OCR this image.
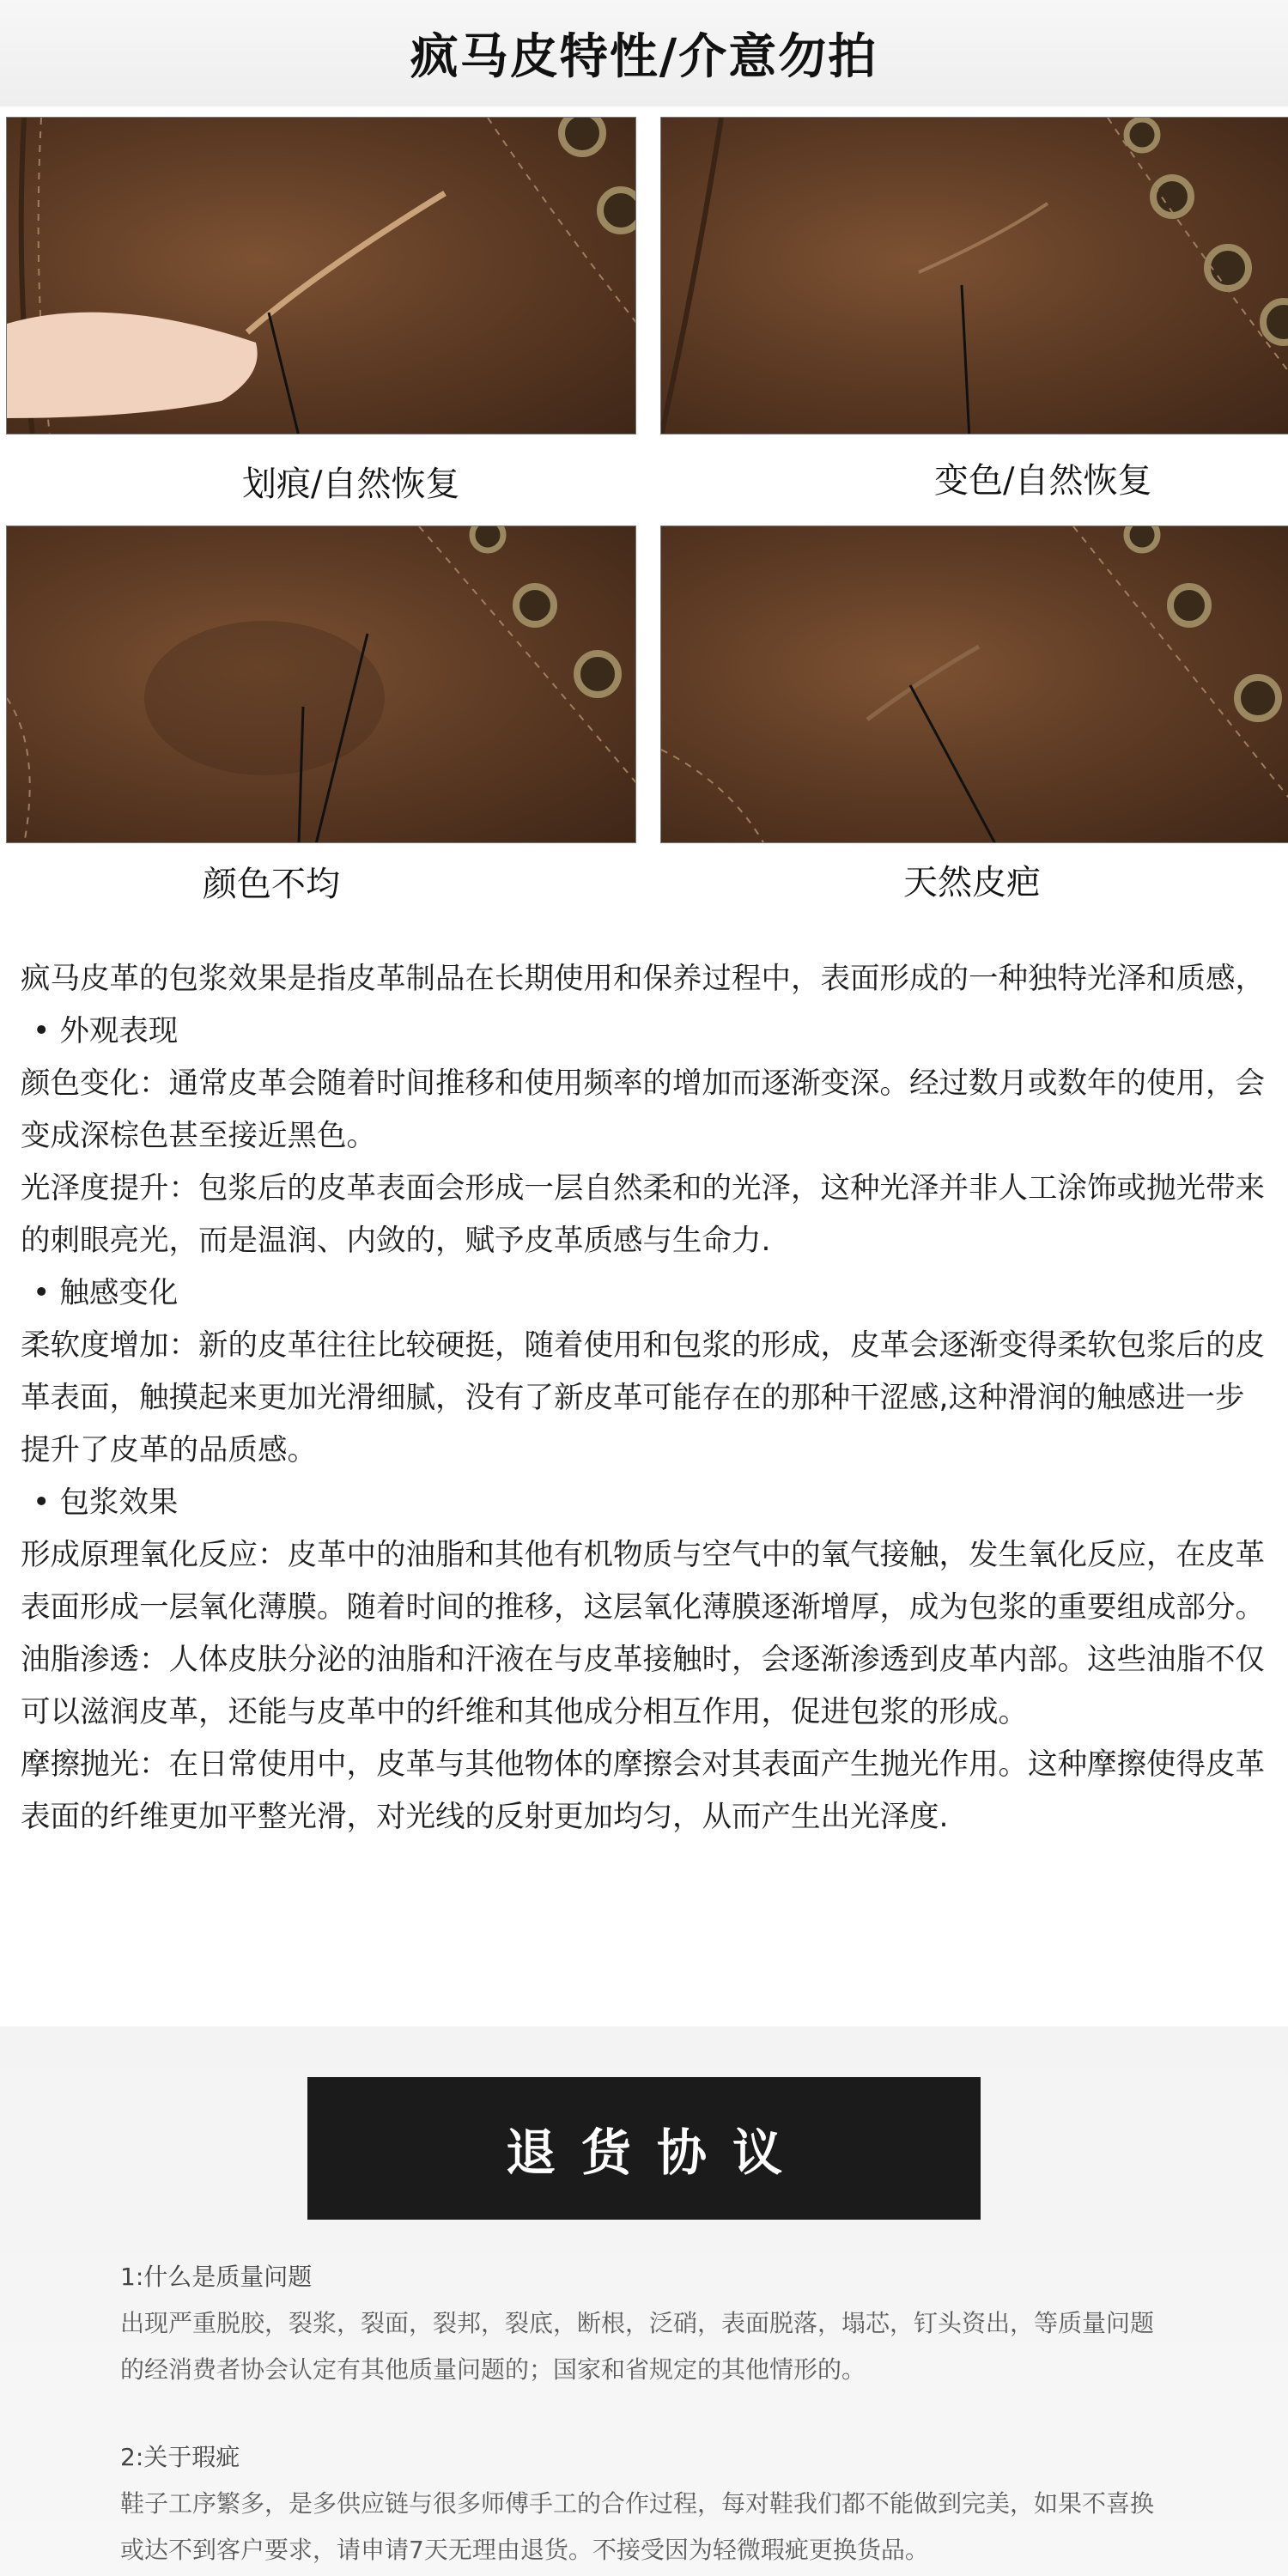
疯马皮特性/介意勿拍
划痕/自然恢复	变色/自然恢复
颜色不均	天然皮疤

疯马皮革的包浆效果是指皮革制品在长期使用和保养过程中，表面形成的一种独特光泽和质感，

• 外观表现

颜色变化：通常皮革会随着时间推移和使用频率的增加而逐渐变深。经过数月或数年的使用，会变成深棕色甚至接近黑色。

光泽度提升：包浆后的皮革表面会形成一层自然柔和的光泽，这种光泽并非人工涂饰或抛光带来的刺眼亮光，而是温润、内敛的，赋予皮革质感与生命力.

• 触感变化

柔软度增加：新的皮革往往比较硬挺，随着使用和包浆的形成，皮革会逐渐变得柔软包浆后的皮革表面，触摸起来更加光滑细腻，没有了新皮革可能存在的那种干涩感,这种滑润的触感进一步提升了皮革的品质感。

• 包浆效果

形成原理氧化反应：皮革中的油脂和其他有机物质与空气中的氧气接触，发生氧化反应，在皮革表面形成一层氧化薄膜。随着时间的推移，这层氧化薄膜逐渐增厚，成为包浆的重要组成部分。

油脂渗透：人体皮肤分泌的油脂和汗液在与皮革接触时，会逐渐渗透到皮革内部。这些油脂不仅可以滋润皮革，还能与皮革中的纤维和其他成分相互作用，促进包浆的形成。

摩擦抛光：在日常使用中，皮革与其他物体的摩擦会对其表面产生抛光作用。这种摩擦使得皮革表面的纤维更加平整光滑，对光线的反射更加均匀，从而产生出光泽度.

退货协议

1:什么是质量问题

出现严重脱胶，裂浆，裂面，裂邦，裂底，断根，泛硝，表面脱落，塌芯，钉头资出，等质量问题的经消费者协会认定有其他质量问题的；国家和省规定的其他情形的。

2:关于瑕疵

鞋子工序繁多，是多供应链与很多师傅手工的合作过程，每对鞋我们都不能做到完美，如果不喜换或达不到客户要求，请申请7天无理由退货。不接受因为轻微瑕疵更换货品。
